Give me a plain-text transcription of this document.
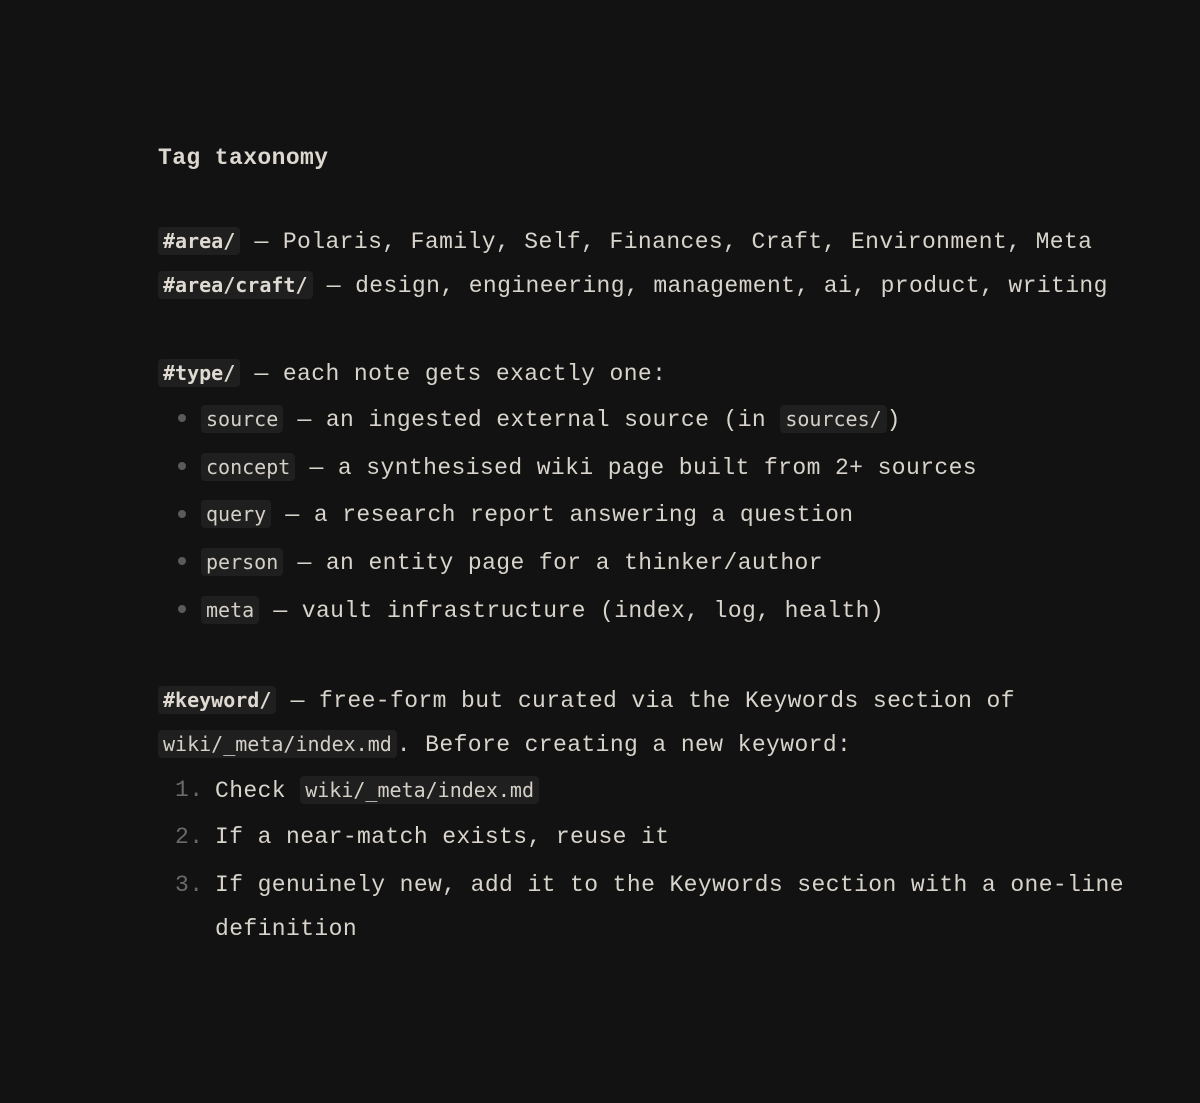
Tag taxonomy
#area/ — Polaris, Family, Self, Finances, Craft, Environment, Meta
#area/craft/ — design, engineering, management, ai, product, writing
#type/ — each note gets exactly one:
source — an ingested external source (in sources/ )
concept — a synthesised wiki page built from 2+ sources
query — a research report answering a question
person — an entity page for a thinker/author
meta — vault infrastructure (index, log, health)
#keyword/ — free-form but curated via the Keywords section of
wiki/_meta/index.md . Before creating a new keyword:
1. Check wiki/_meta/index.md
2. If a near-match exists, reuse it
3. If genuinely new, add it to the Keywords section with a one-line
definition
